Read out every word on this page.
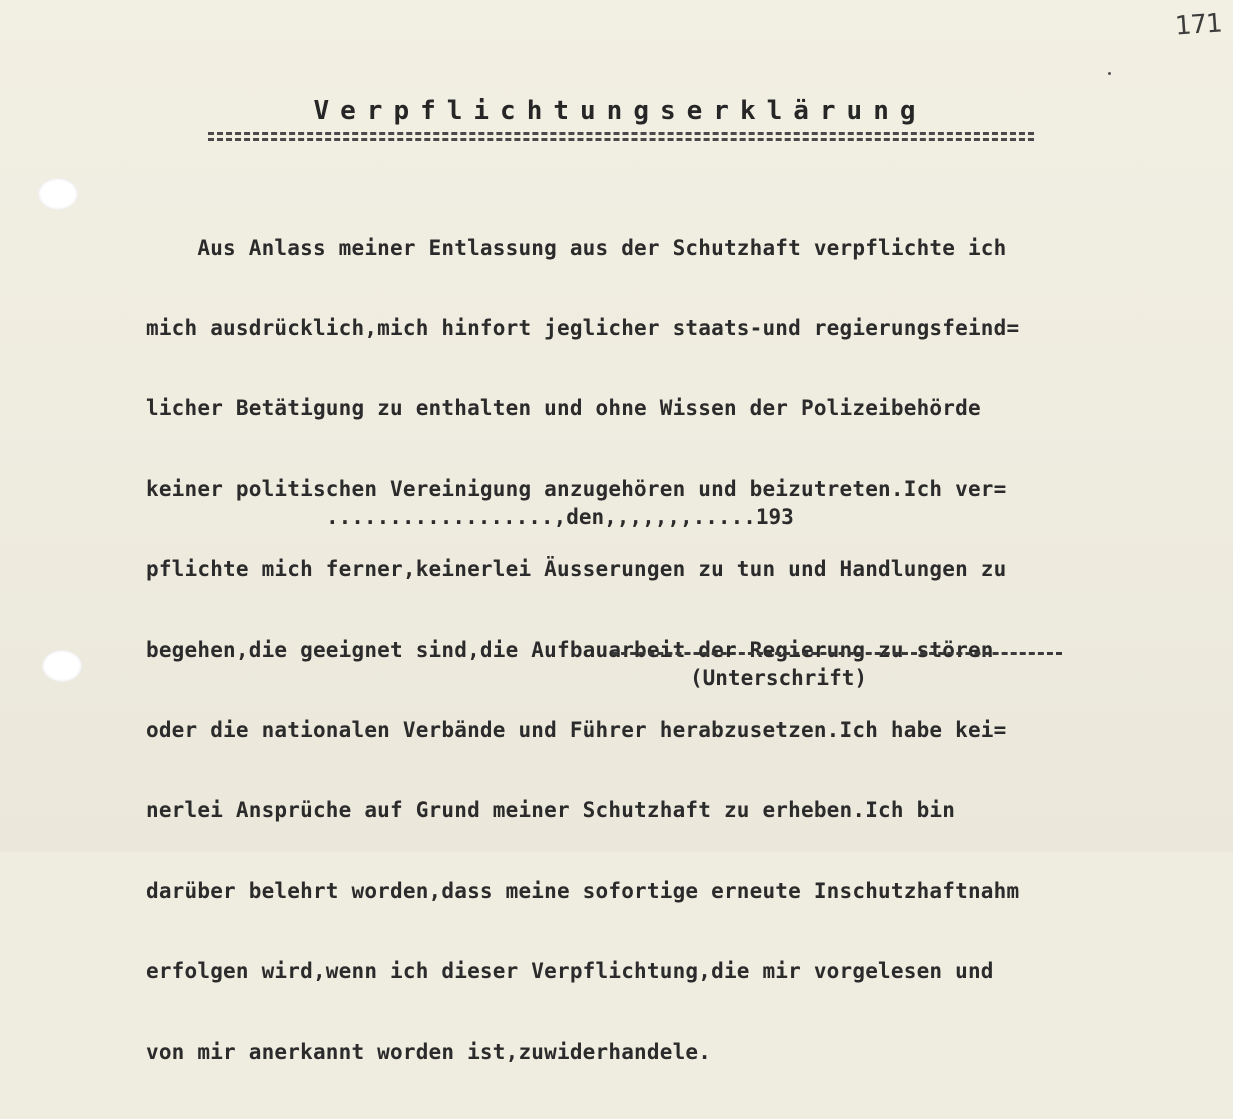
171
Verpflichtungserklärung

Aus Anlass meiner Entlassung aus der Schutzhaft verpflichte ich

mich ausdrücklich,mich hinfort jeglicher staats-und regierungsfeind=

licher Betätigung zu enthalten und ohne Wissen der Polizeibehörde

keiner politischen Vereinigung anzugehören und beizutreten.Ich ver=

pflichte mich ferner,keinerlei Äusserungen zu tun und Handlungen zu

begehen,die geeignet sind,die Aufbauarbeit der Regierung zu stören

oder die nationalen Verbände und Führer herabzusetzen.Ich habe kei=

nerlei Ansprüche auf Grund meiner Schutzhaft zu erheben.Ich bin

darüber belehrt worden,dass meine sofortige erneute Inschutzhaftnahm

erfolgen wird,wenn ich dieser Verpflichtung,die mir vorgelesen und

von mir anerkannt worden ist,zuwiderhandele.

..................,den,,,,,,,.....193
(Unterschrift)
